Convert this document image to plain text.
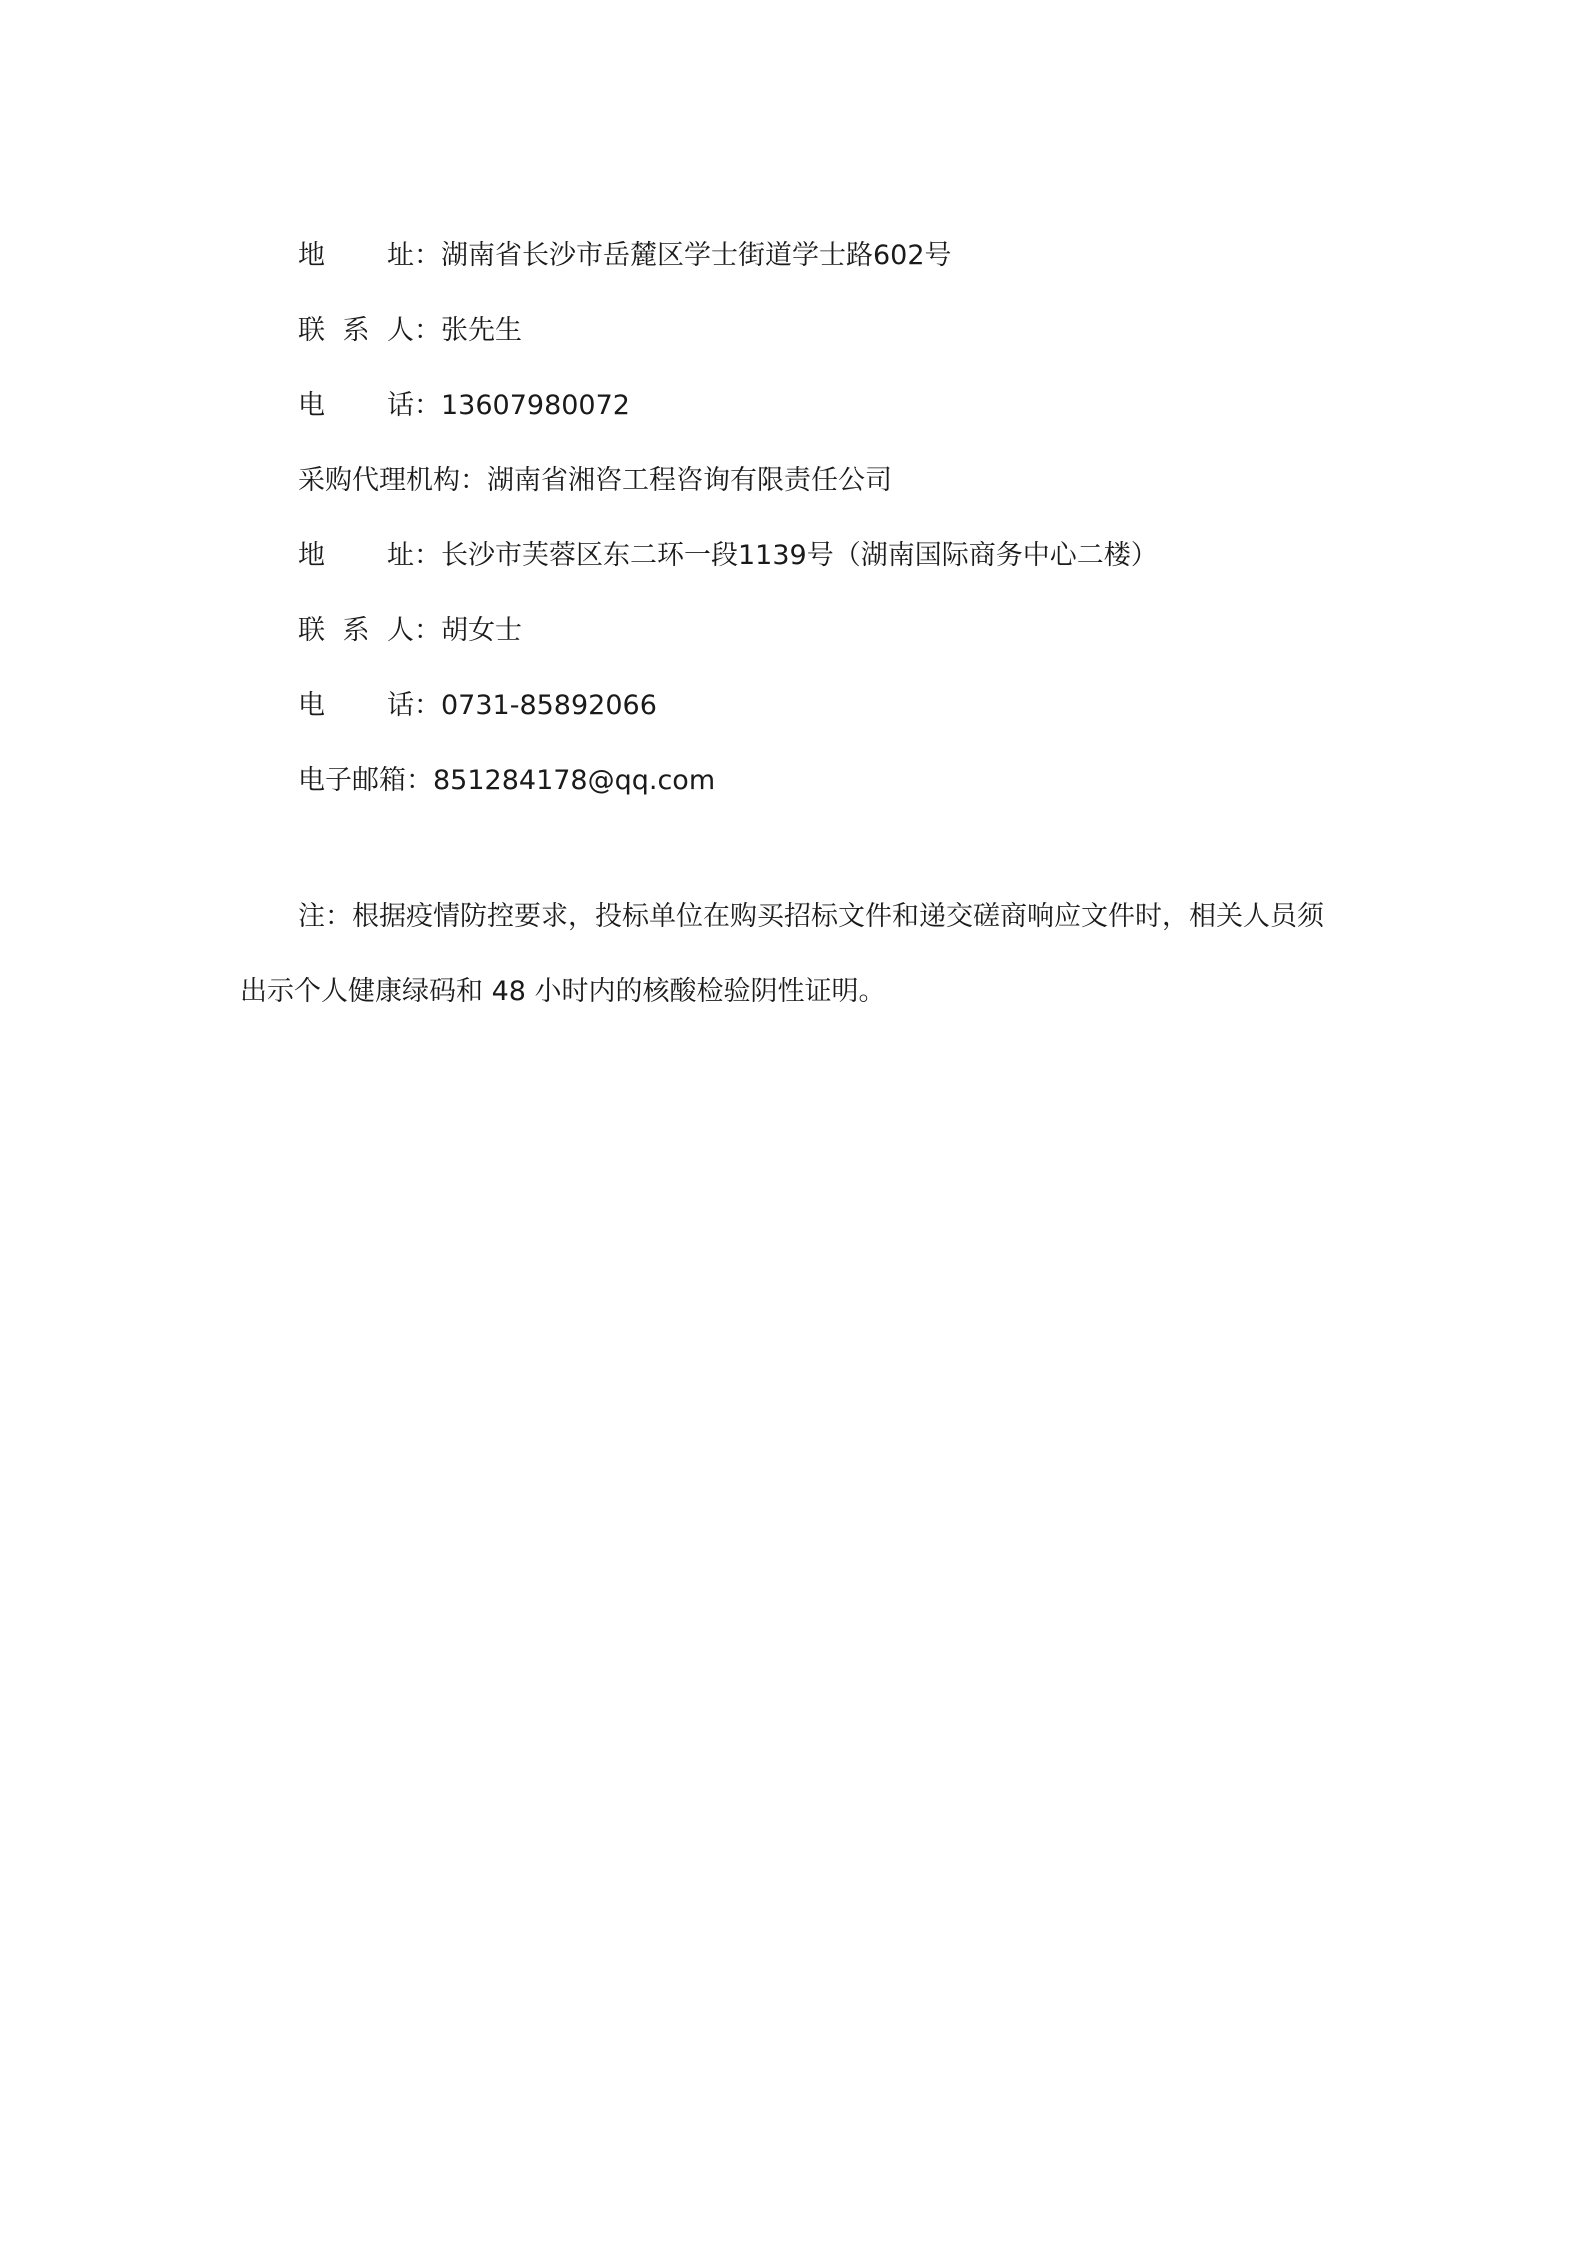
地 址 ： 湖南省长沙市岳麓区学士街道学士路 602 号
联 系 人 ： 张先生
电 话 ： 13607980072
采购代理机构 ： 湖南省湘咨工程咨询有限责任公司
地 址 ： 长沙市芙蓉区东二环一段 1139 号（湖南国际商务中心二楼）
联 系 人 ： 胡女士
电 话 ： 0731-85892066
电子邮箱 ： 851284178@qq.com
注：根据疫情防控要求，投标单位在购买招标文件和递交磋商响应文件时，相关人员须
出示个人健康绿码和 48 小时内的核酸检验阴性证明。
